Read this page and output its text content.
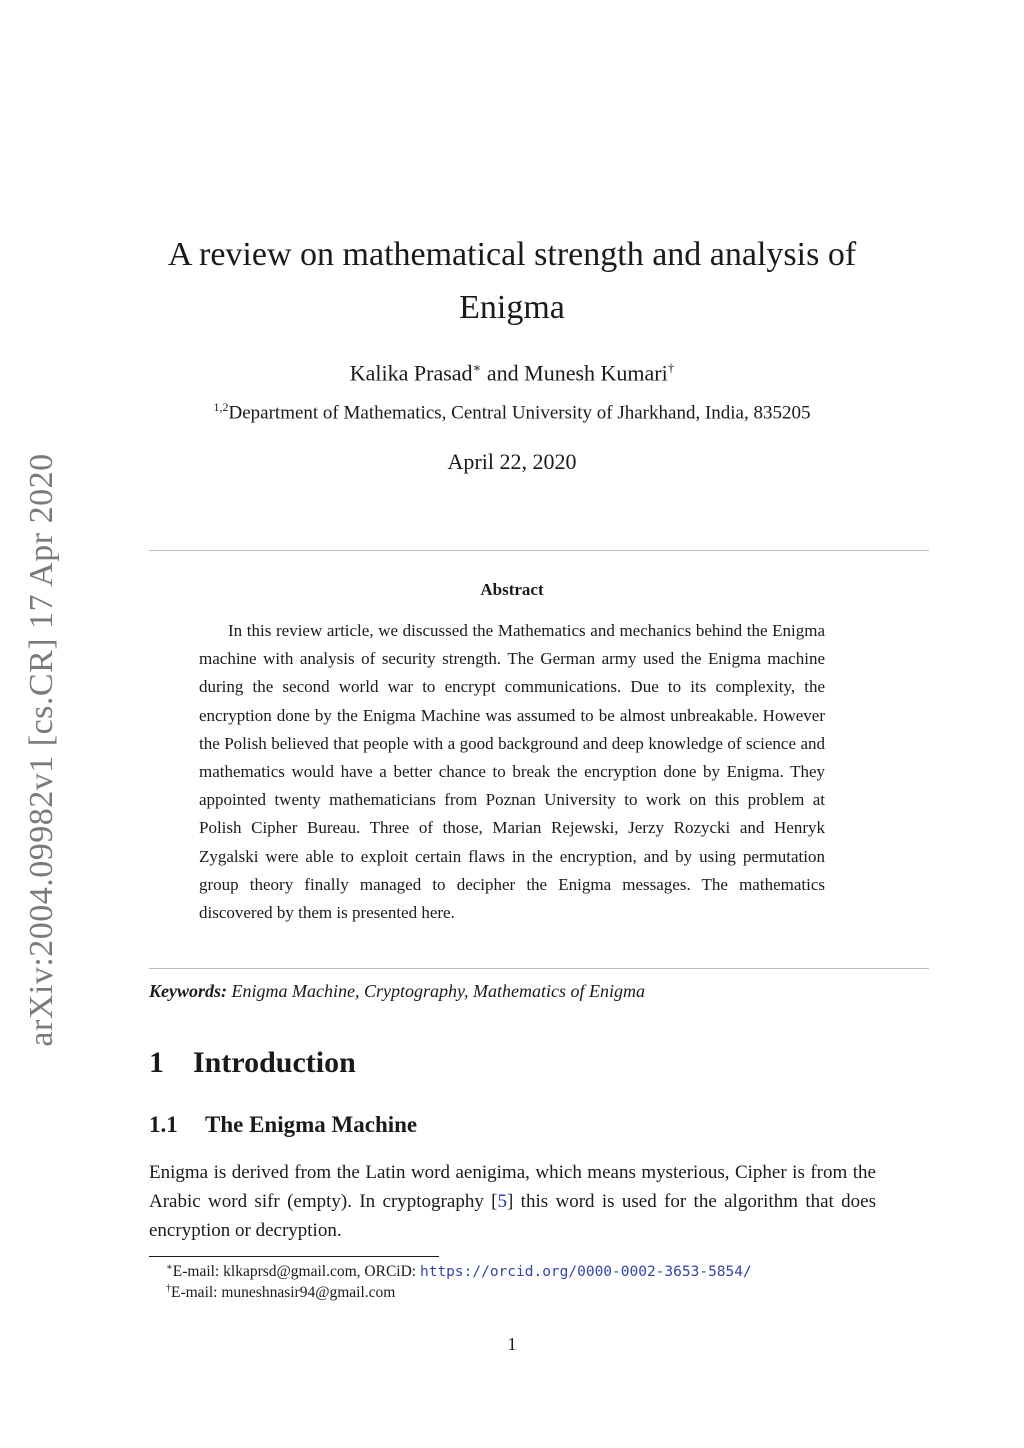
arXiv:2004.09982v1 [cs.CR] 17 Apr 2020
A review on mathematical strength and analysis of
Enigma
Kalika Prasad∗ and Munesh Kumari†
$^{1,2}$Department of Mathematics, Central University of Jharkhand, India, 835205
April 22, 2020
Abstract

In this review article, we discussed the Mathematics and mechanics behind the Enigma machine with analysis of security strength. The German army used the Enigma machine during the second world war to encrypt communications. Due to its complexity, the encryption done by the Enigma Machine was assumed to be almost unbreakable. However the Polish believed that people with a good background and deep knowledge of science and mathematics would have a better chance to break the encryption done by Enigma. They appointed twenty mathematicians from Poznan University to work on this problem at Polish Cipher Bureau. Three of those, Marian Rejewski, Jerzy Rozycki and Henryk Zygalski were able to exploit certain flaws in the encryption, and by using permutation group theory finally managed to decipher the Enigma messages. The mathematics discovered by them is presented here.

Keywords: Enigma Machine, Cryptography, Mathematics of Enigma
1 Introduction
1.1 The Enigma Machine

Enigma is derived from the Latin word aenigima, which means mysterious, Cipher is from the Arabic word sifr (empty). In cryptography [5] this word is used for the algorithm that does encryption or decryption.

∗E-mail: klkaprsd@gmail.com, ORCiD: https://orcid.org/0000-0002-3653-5854/
†E-mail: muneshnasir94@gmail.com
1
